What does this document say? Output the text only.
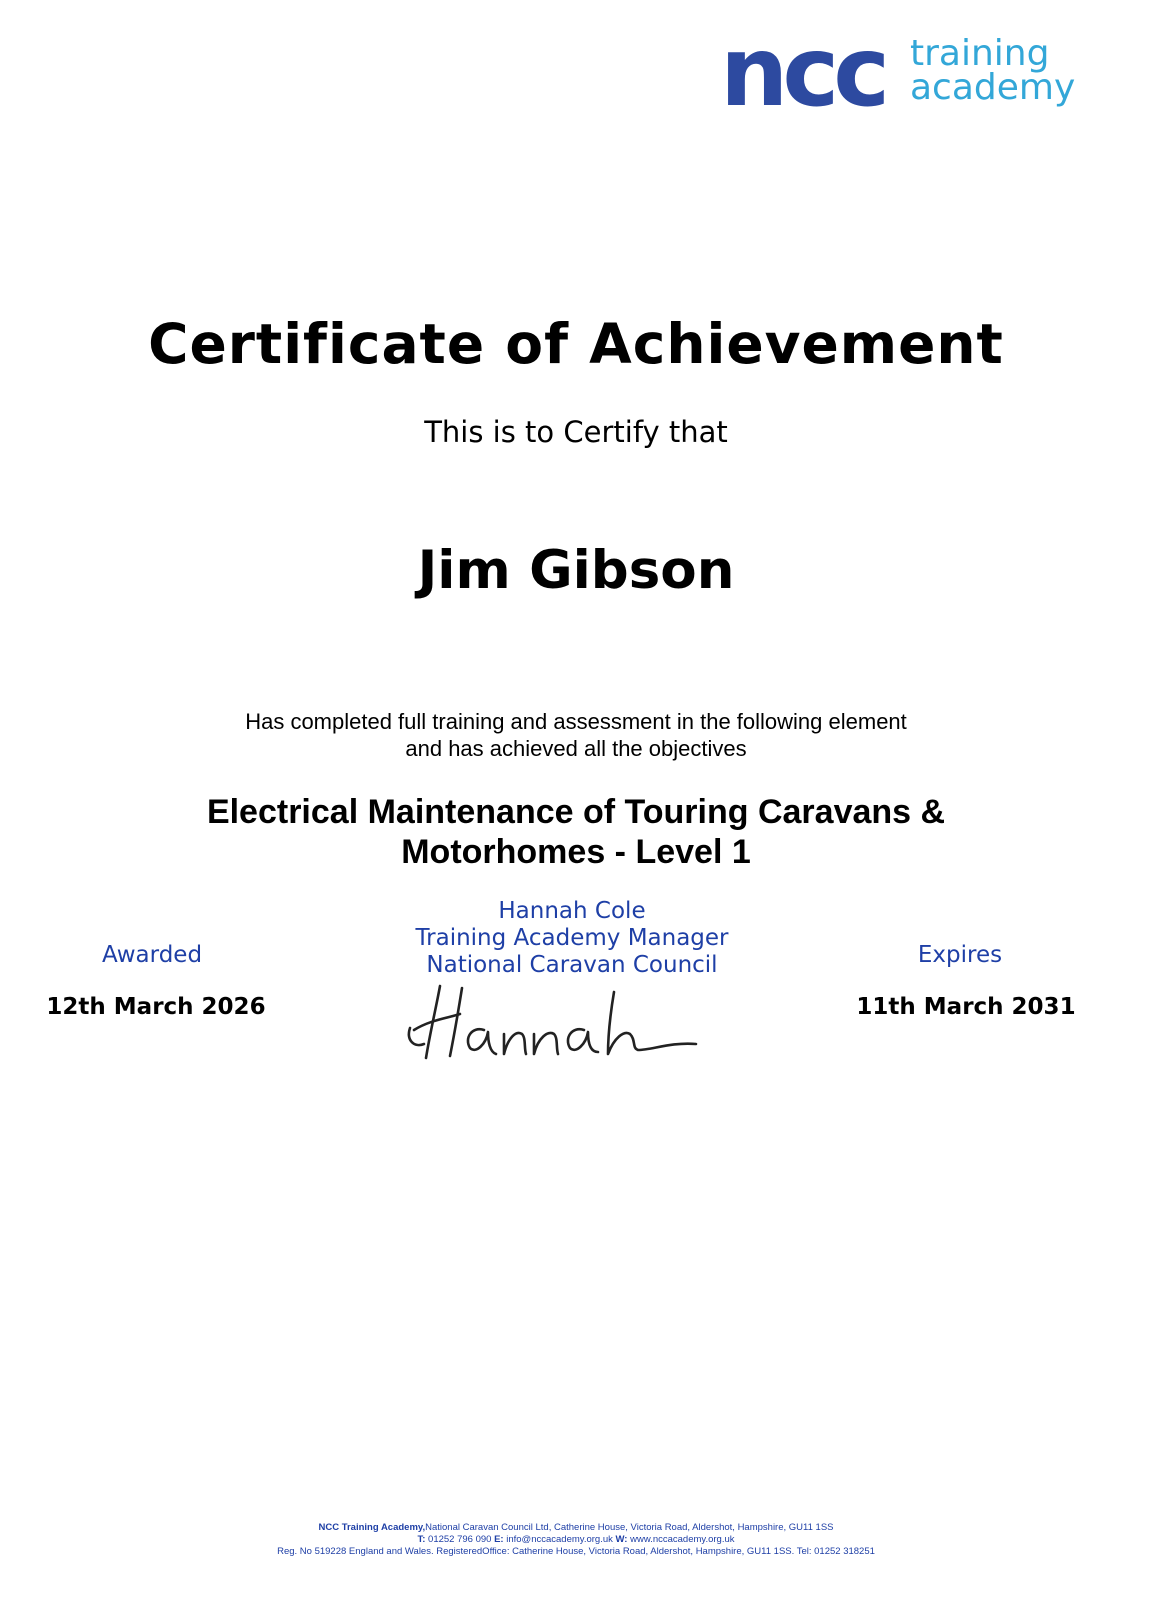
ncc training
academy
Certificate of Achievement
This is to Certify that
Jim Gibson
Has completed full training and assessment in the following element
and has achieved all the objectives
Electrical Maintenance of Touring Caravans &
Motorhomes - Level 1
Awarded
12th March 2026
Hannah Cole
Training Academy Manager
National Caravan Council	Expires
11th March 2031
NCC Training Academy,National Caravan Council Ltd, Catherine House, Victoria Road, Aldershot, Hampshire, GU11 1SS
T: 01252 796 090 E: info@nccacademy.org.uk W: www.nccacademy.org.uk
Reg. No 519228 England and Wales. RegisteredOffice: Catherine House, Victoria Road, Aldershot, Hampshire, GU11 1SS. Tel: 01252 318251
